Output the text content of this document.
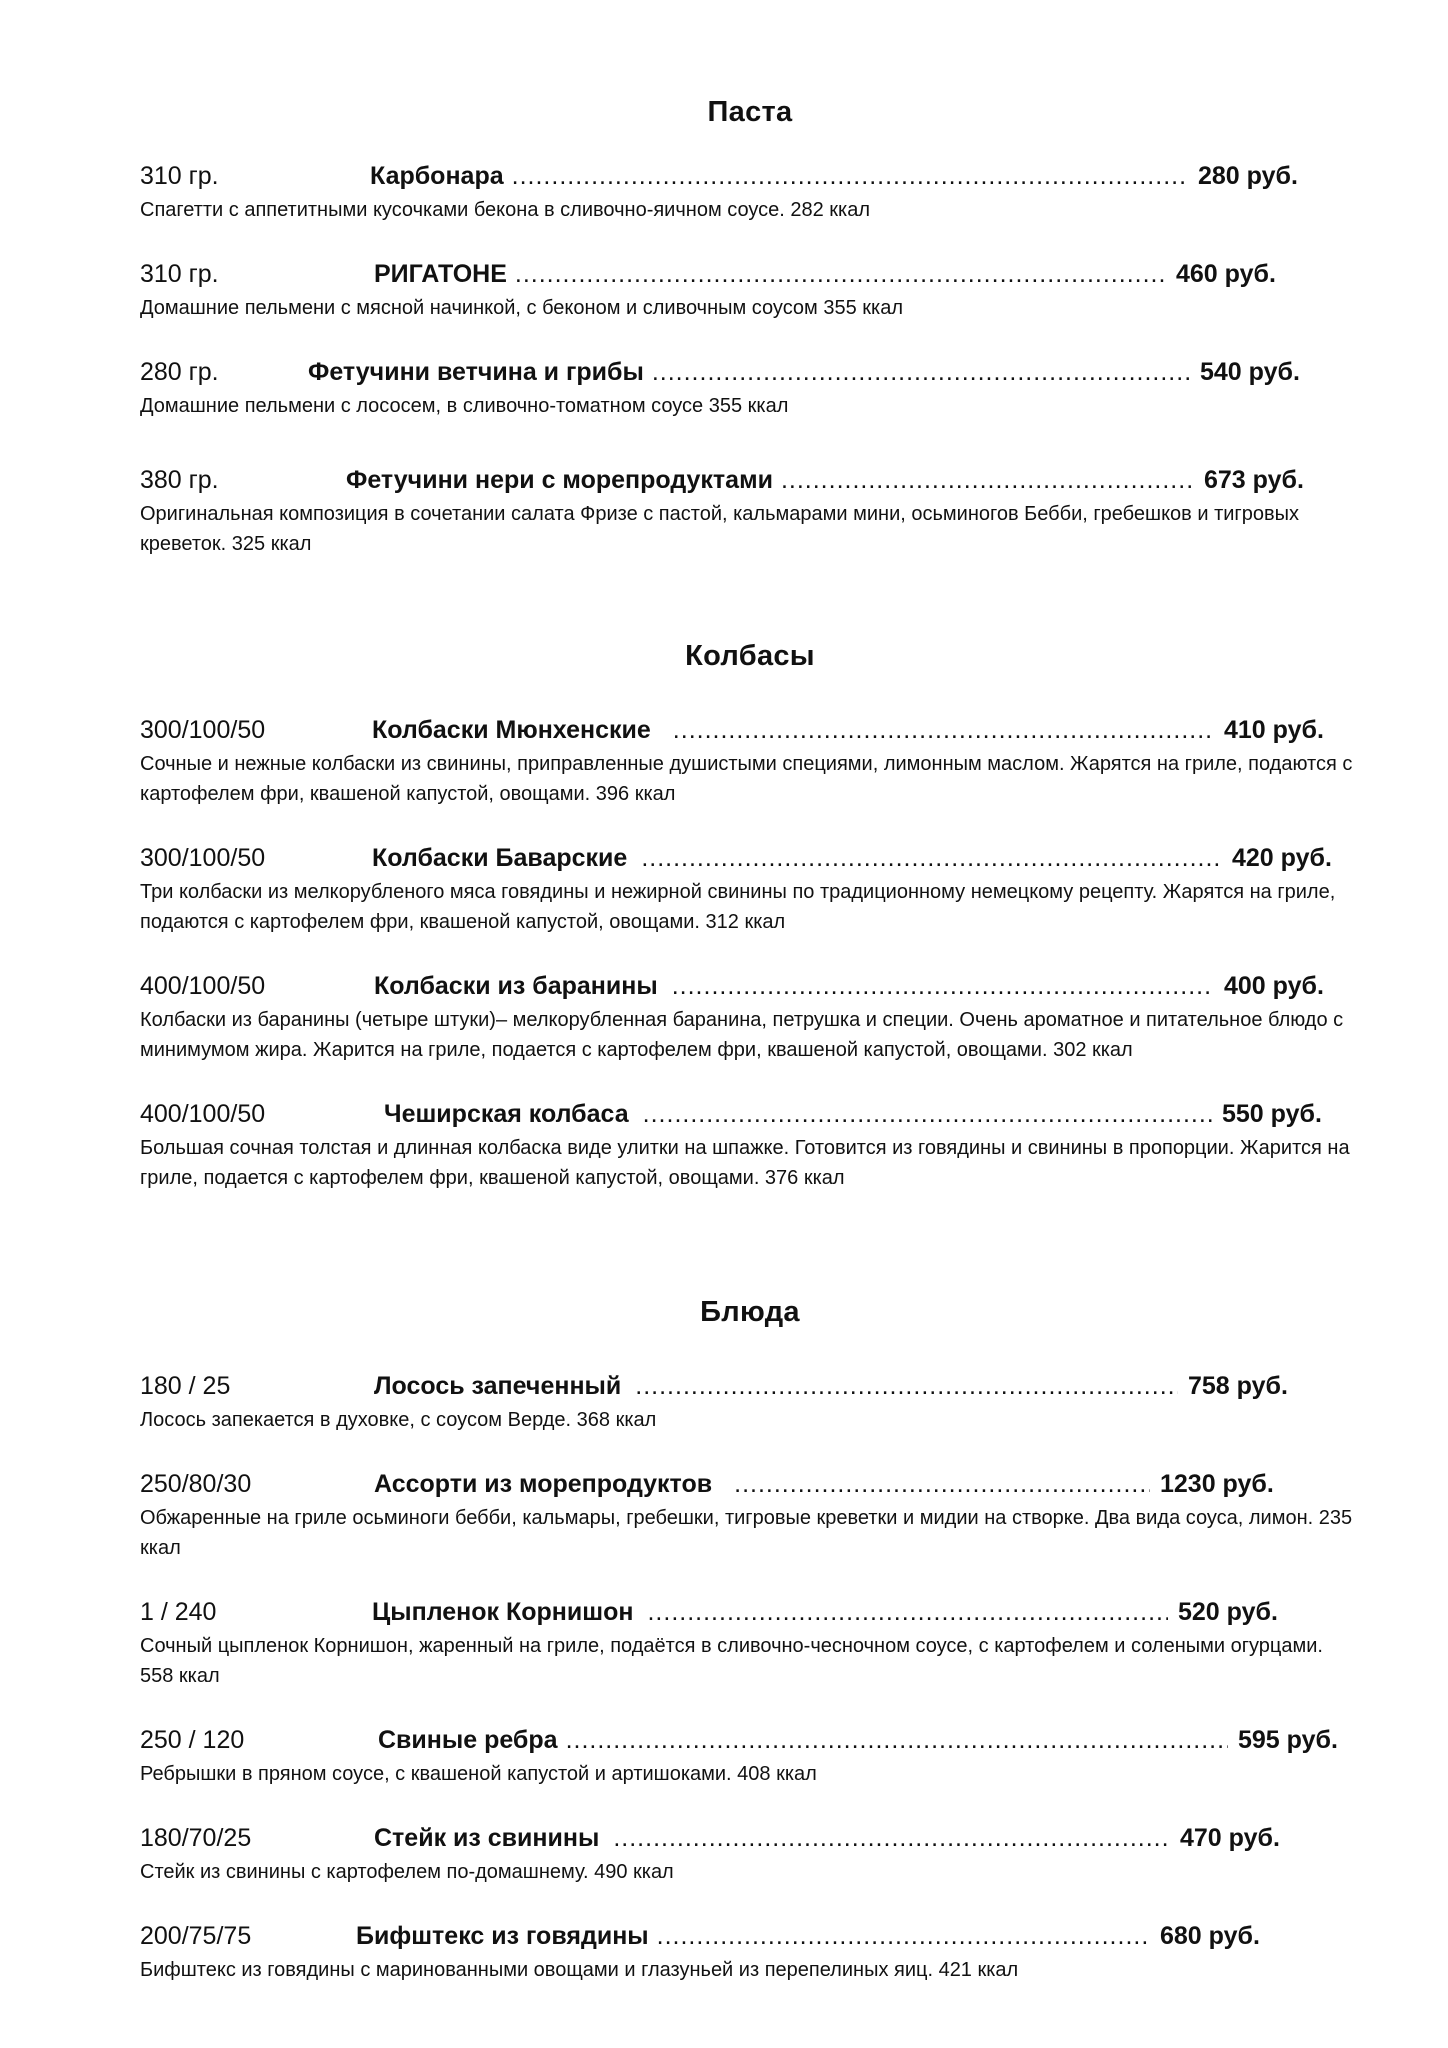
Паста
310 гр.	Карбонара .....	280 руб.
Спагетти с аппетитными кусочками бекона в сливочно-яичном соусе. 282 ккал
310 гр.	РИГАТОНЕ .....	460 руб.
Домашние пельмени с мясной начинкой, с беконом и сливочным соусом 355 ккал
280 гр.	Фетучини ветчина и грибы .....	540 руб.
Домашние пельмени с лососем, в сливочно-томатном соусе 355 ккал
380 гр.	Фетучини нери с морепродуктами .....	673 руб.
Оригинальная композиция в сочетании салата Фризе с пастой, кальмарами мини, осьминогов Бебби, гребешков и тигровых креветок. 325 ккал
Колбасы
300/100/50	Колбаски Мюнхенские .....	410 руб.
Сочные и нежные колбаски из свинины, приправленные душистыми специями, лимонным маслом. Жарятся на гриле, подаются с картофелем фри, квашеной капустой, овощами. 396 ккал
300/100/50	Колбаски Баварские .....	420 руб.
Три колбаски из мелкорубленого мяса говядины и нежирной свинины по традиционному немецкому рецепту. Жарятся на гриле, подаются с картофелем фри, квашеной капустой, овощами. 312 ккал
400/100/50	Колбаски из баранины .....	400 руб.
Колбаски из баранины (четыре штуки)– мелкорубленная баранина, петрушка и специи. Очень ароматное и питательное блюдо с минимумом жира. Жарится на гриле, подается с картофелем фри, квашеной капустой, овощами. 302 ккал
400/100/50	Чеширская колбаса .....	550 руб.
Большая сочная толстая и длинная колбаска виде улитки на шпажке. Готовится из говядины и свинины в пропорции. Жарится на гриле, подается с картофелем фри, квашеной капустой, овощами. 376 ккал
Блюда
180 / 25	Лосось запеченный .....	758 руб.
Лосось запекается в духовке, с соусом Верде. 368 ккал
250/80/30	Ассорти из морепродуктов .....	1230 руб.
Обжаренные на гриле осьминоги бебби, кальмары, гребешки, тигровые креветки и мидии на створке. Два вида соуса, лимон. 235 ккал
1 / 240	Цыпленок Корнишон .....	520 руб.
Сочный цыпленок Корнишон, жаренный на гриле, подаётся в сливочно-чесночном соусе, с картофелем и солеными огурцами. 558 ккал
250 / 120	Свиные ребра .....	595 руб.
Ребрышки в пряном соусе, с квашеной капустой и артишоками. 408 ккал
180/70/25	Стейк из свинины .....	470 руб.
Стейк из свинины с картофелем по-домашнему. 490 ккал
200/75/75	Бифштекс из говядины .....	680 руб.
Бифштекс из говядины с маринованными овощами и глазуньей из перепелиных яиц. 421 ккал
